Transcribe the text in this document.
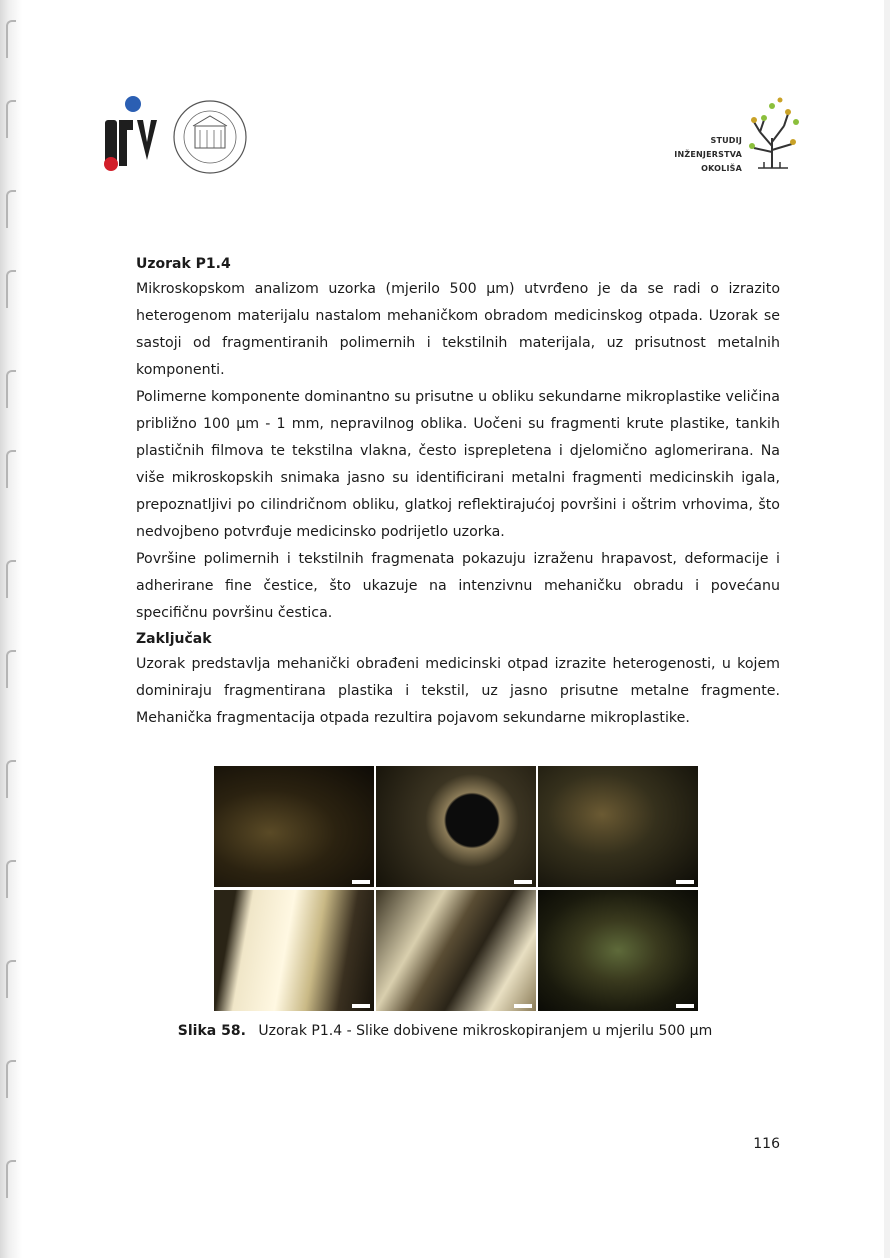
STUDIJ
INŽENJERSTVA
OKOLIŠA
Uzorak P1.4

Mikroskopskom analizom uzorka (mjerilo 500 µm) utvrđeno je da se radi o izrazito heterogenom materijalu nastalom mehaničkom obradom medicinskog otpada. Uzorak se sastoji od fragmentiranih polimernih i tekstilnih materijala, uz prisutnost metalnih komponenti.

Polimerne komponente dominantno su prisutne u obliku sekundarne mikroplastike veličina približno 100 µm - 1 mm, nepravilnog oblika. Uočeni su fragmenti krute plastike, tankih plastičnih filmova te tekstilna vlakna, često isprepletena i djelomično aglomerirana. Na više mikroskopskih snimaka jasno su identificirani metalni fragmenti medicinskih igala, prepoznatljivi po cilindričnom obliku, glatkoj reflektirajućoj površini i oštrim vrhovima, što nedvojbeno potvrđuje medicinsko podrijetlo uzorka.

Površine polimernih i tekstilnih fragmenata pokazuju izraženu hrapavost, deformacije i adherirane fine čestice, što ukazuje na intenzivnu mehaničku obradu i povećanu specifičnu površinu čestica.

Zaključak

Uzorak predstavlja mehanički obrađeni medicinski otpad izrazite heterogenosti, u kojem dominiraju fragmentirana plastika i tekstil, uz jasno prisutne metalne fragmente. Mehanička fragmentacija otpada rezultira pojavom sekundarne mikroplastike.

Slika 58. Uzorak P1.4 - Slike dobivene mikroskopiranjem u mjerilu 500 µm
116
